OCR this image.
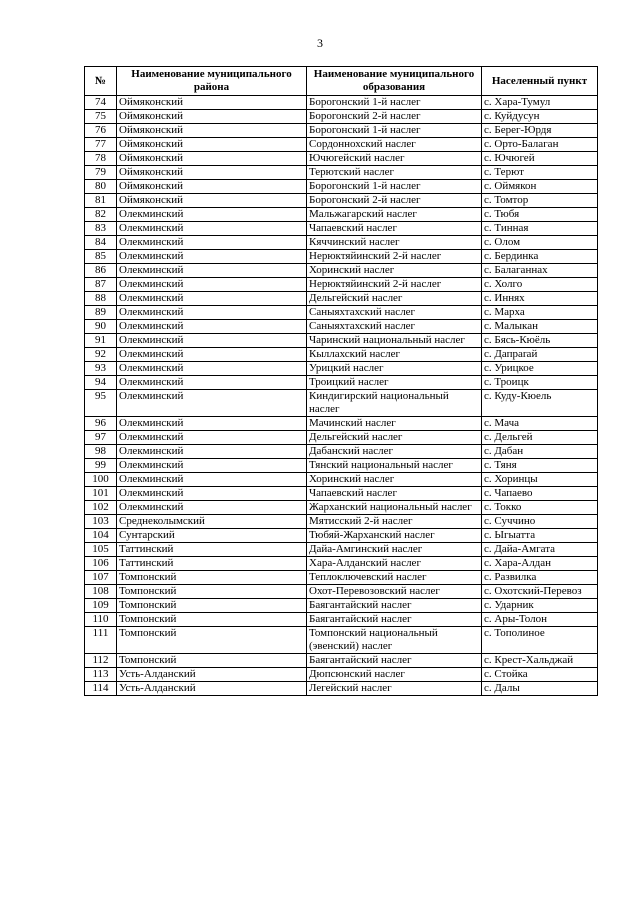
3
№	Наименование муниципального района	Наименование муниципального образования	Населенный пункт
74	Оймяконский	Борогонский 1-й наслег	с. Хара-Тумул
75	Оймяконский	Борогонский 2-й наслег	с. Куйдусун
76	Оймяконский	Борогонский 1-й наслег	с. Берег-Юрдя
77	Оймяконский	Сордоннохский наслег	с. Орто-Балаган
78	Оймяконский	Ючюгейский наслег	с. Ючюгей
79	Оймяконский	Терютский наслег	с. Терют
80	Оймяконский	Борогонский 1-й наслег	с. Оймякон
81	Оймяконский	Борогонский 2-й наслег	с. Томтор
82	Олекминский	Мальжагарский наслег	с. Тюбя
83	Олекминский	Чапаевский наслег	с. Тинная
84	Олекминский	Кяччинский наслег	с. Олом
85	Олекминский	Нерюктяйинский 2-й наслег	с. Бердинка
86	Олекминский	Хоринский наслег	с. Балаганнах
87	Олекминский	Нерюктяйинский 2-й наслег	с. Холго
88	Олекминский	Дельгейский наслег	с. Иннях
89	Олекминский	Саныяхтахский наслег	с. Марха
90	Олекминский	Саныяхтахский наслег	с. Малыкан
91	Олекминский	Чаринский национальный наслег	с. Бясь-Кюёль
92	Олекминский	Кыллахский наслег	с. Дапparaй
93	Олекминский	Урицкий наслег	с. Урицкое
94	Олекминский	Троицкий наслег	с. Троицк
95	Олекминский	Киндигирский национальный наслег	с. Куду-Кюель
96	Олекминский	Мачинский наслег	с. Мача
97	Олекминский	Дельгейский наслег	с. Дельгей
98	Олекминский	Дабанский наслег	с. Дабан
99	Олекминский	Тянский национальный наслег	с. Тяня
100	Олекминский	Хоринский наслег	с. Хоринцы
101	Олекминский	Чапаевский наслег	с. Чапаево
102	Олекминский	Жарханский национальный наслег	с. Токко
103	Среднеколымский	Мятисский 2-й наслег	с. Суччино
104	Сунтарский	Тюбяй-Жарханский наслег	с. Ыгыатта
105	Таттинский	Дайа-Амгинский наслег	с. Дайа-Амгата
106	Таттинский	Хара-Алданский наслег	с. Хара-Алдан
107	Томпонский	Теплоключевский наслег	с. Развилка
108	Томпонский	Охот-Перевозовский наслег	с. Охотский-Перевоз
109	Томпонский	Баягантайский наслег	с. Ударник
110	Томпонский	Баягантайский наслег	с. Ары-Толон
111	Томпонский	Томпонский национальный (эвенский) наслег	с. Тополиное
112	Томпонский	Баягантайский наслег	с. Крест-Хальджай
113	Усть-Алданский	Дюпсюнский наслег	с. Стойка
114	Усть-Алданский	Легейский наслег	с. Далы
